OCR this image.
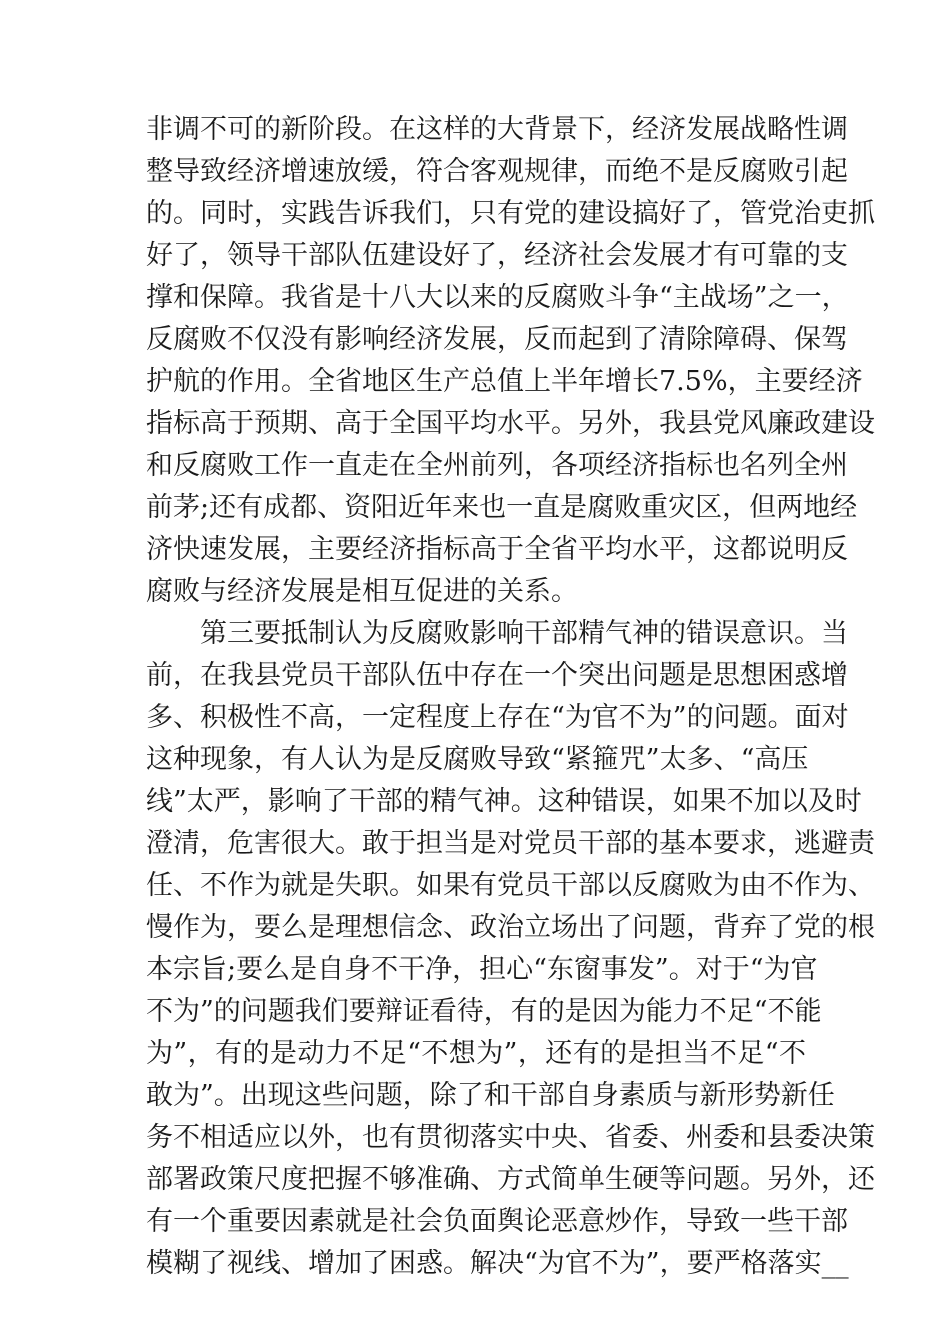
非调不可的新阶段。在这样的大背景下，经济发展战略性调
整导致经济增速放缓，符合客观规律，而绝不是反腐败引起
的。同时，实践告诉我们，只有党的建设搞好了，管党治吏抓
好了，领导干部队伍建设好了，经济社会发展才有可靠的支
撑和保障。我省是十八大以来的反腐败斗争“主战场”之一，
反腐败不仅没有影响经济发展，反而起到了清除障碍、保驾
护航的作用。全省地区生产总值上半年增长7.5%，主要经济
指标高于预期、高于全国平均水平。另外，我县党风廉政建设
和反腐败工作一直走在全州前列，各项经济指标也名列全州
前茅;还有成都、资阳近年来也一直是腐败重灾区，但两地经
济快速发展，主要经济指标高于全省平均水平，这都说明反
腐败与经济发展是相互促进的关系。
第三要抵制认为反腐败影响干部精气神的错误意识。当
前，在我县党员干部队伍中存在一个突出问题是思想困惑增
多、积极性不高，一定程度上存在“为官不为”的问题。面对
这种现象，有人认为是反腐败导致“紧箍咒”太多、“高压
线”太严，影响了干部的精气神。这种错误，如果不加以及时
澄清，危害很大。敢于担当是对党员干部的基本要求，逃避责
任、不作为就是失职。如果有党员干部以反腐败为由不作为、
慢作为，要么是理想信念、政治立场出了问题，背弃了党的根
本宗旨;要么是自身不干净，担心“东窗事发”。对于“为官
不为”的问题我们要辩证看待，有的是因为能力不足“不能
为”，有的是动力不足“不想为”，还有的是担当不足“不
敢为”。出现这些问题，除了和干部自身素质与新形势新任
务不相适应以外，也有贯彻落实中央、省委、州委和县委决策
部署政策尺度把握不够准确、方式简单生硬等问题。另外，还
有一个重要因素就是社会负面舆论恶意炒作，导致一些干部
模糊了视线、增加了困惑。解决“为官不为”，要严格落实__
